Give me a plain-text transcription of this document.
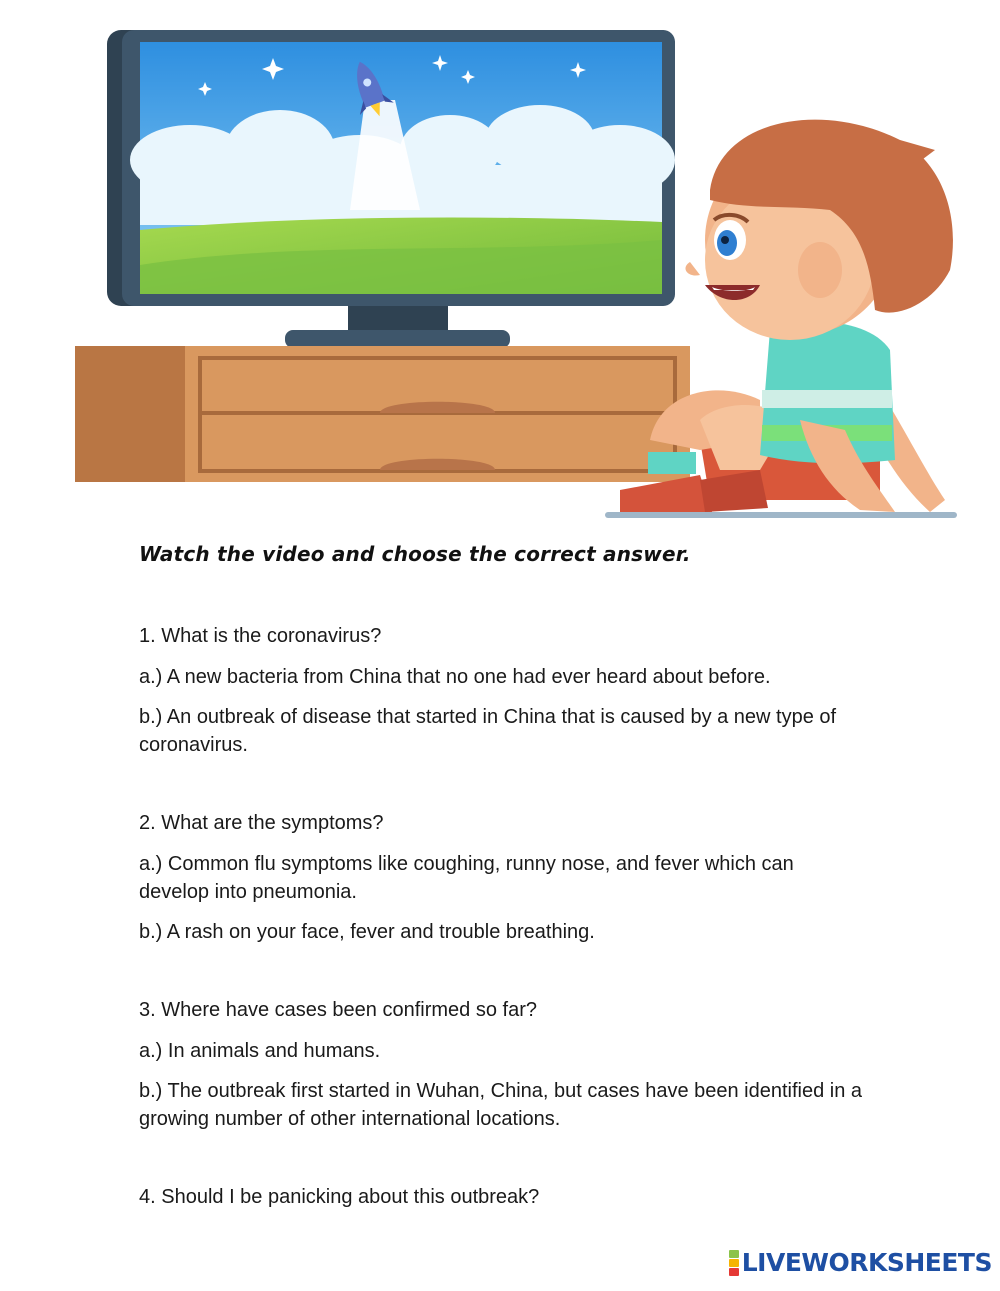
Watch the video and choose the correct answer.
1. What is the coronavirus?
a.) A new bacteria from China that no one had ever heard about before.
b.) An outbreak of disease that started in China that is caused by a new type of coronavirus.
2. What are the symptoms?
a.) Common flu symptoms like coughing, runny nose, and fever which can develop into pneumonia.
b.) A rash on your face, fever and trouble breathing.
3. Where have cases been confirmed so far?
a.) In animals and humans.
b.) The outbreak first started in Wuhan, China, but cases have been identified in a growing number of other international locations.
4. Should I be panicking about this outbreak?
LIVEWORKSHEETS
